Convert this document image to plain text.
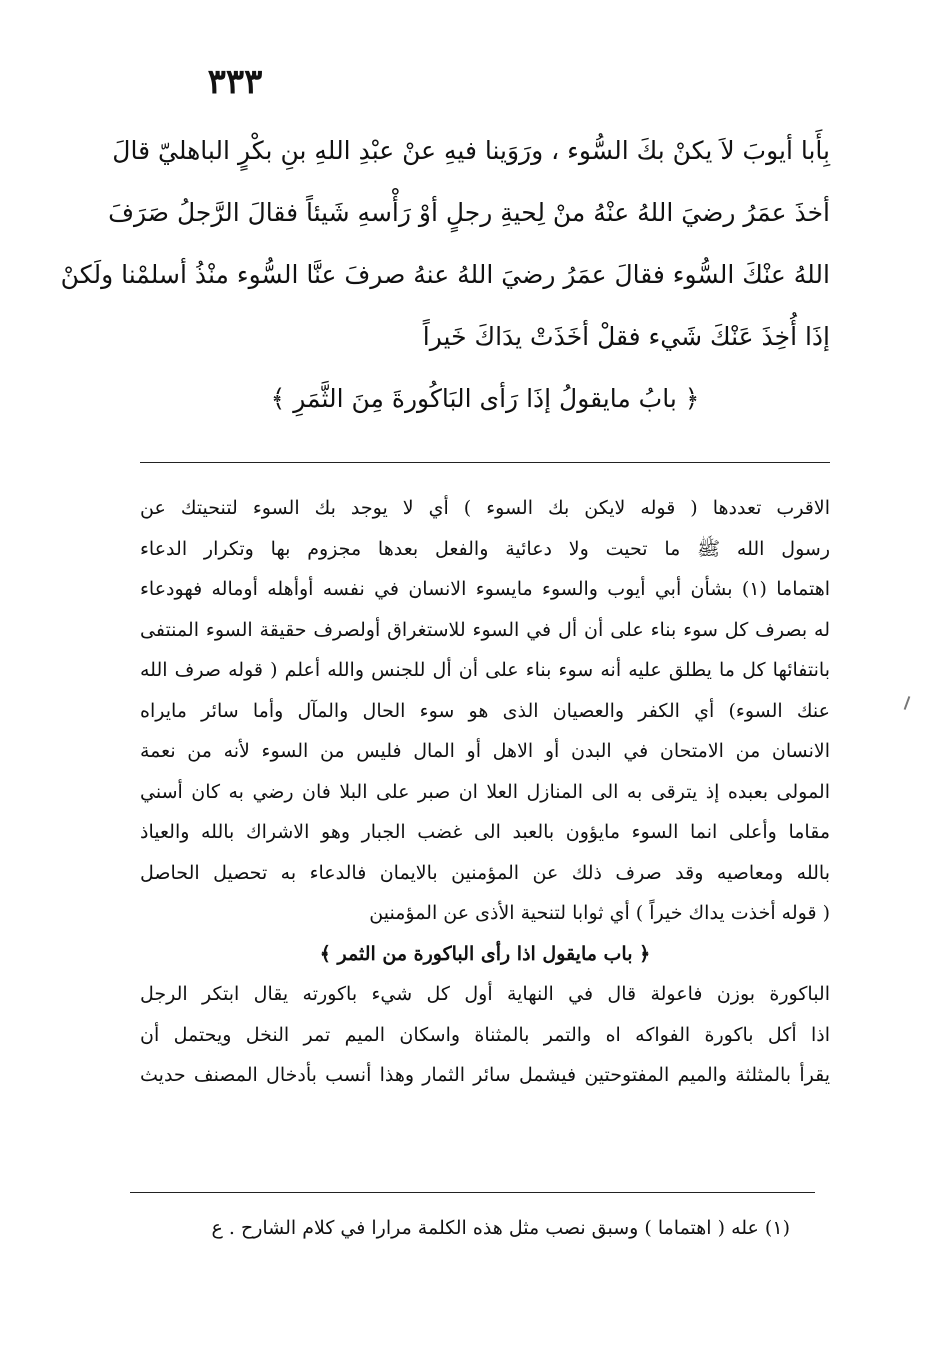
٣٣٣
بِأَبا أيوبَ لاَ يكنْ بكَ السُّوء ، ورَوَينا فيهِ عنْ عبْدِ اللهِ بنِ بكْرٍ الباهليّ قالَ
أخذَ عمَرُ رضيَ اللهُ عنْهُ منْ لِحيةِ رجلٍ أوْ رَأْسهِ شَيئاً فقالَ الرَّجلُ صَرَفَ
اللهُ عنْكَ السُّوء فقالَ عمَرُ رضيَ اللهُ عنهُ صرفَ عنَّا السُّوء منْذُ أسلمْنا ولَكنْ
إذَا أُخِذَ عَنْكَ شَيء فقلْ أخَذَتْ يدَاكَ خَيراً
﴿ بابُ مايقولُ إذَا رَأى البَاكُورةَ مِنَ الثَّمَرِ ﴾
الاقرب تعددها ( قوله لايكن بك السوء ) أي لا يوجد بك السوء لتنحيتك عن
رسول الله ﷺ ما تحيت ولا دعائية والفعل بعدها مجزوم بها وتكرار الدعاء
اهتماما (١) بشأن أبي أيوب والسوء مايسوء الانسان في نفسه أوأهله أوماله فهودعاء
له بصرف كل سوء بناء على أن أل في السوء للاستغراق أولصرف حقيقة السوء المنتفى
بانتفائها كل ما يطلق عليه أنه سوء بناء على أن أل للجنس والله أعلم ( قوله صرف الله
عنك السوء) أي الكفر والعصيان الذى هو سوء الحال والمآل وأما سائر مايراه
الانسان من الامتحان في البدن أو الاهل أو المال فليس من السوء لأنه من نعمة
المولى بعبده إذ يترقى به الى المنازل العلا ان صبر على البلا فان رضي به كان أسني
مقاما وأعلى انما السوء مايؤون بالعبد الى غضب الجبار وهو الاشراك بالله والعياذ
بالله ومعاصيه وقد صرف ذلك عن المؤمنين بالايمان فالدعاء به تحصيل الحاصل
( قوله أخذت يداك خيراً ) أي ثوابا لتنحية الأذى عن المؤمنين
﴿ باب مايقول اذا رأى الباكورة من الثمر ﴾
الباكورة بوزن فاعولة قال في النهاية أول كل شيء باكورته يقال ابتكر الرجل
اذا أكل باكورة الفواكه اه والتمر بالمثناة واسكان الميم تمر النخل ويحتمل أن
يقرأ بالمثلثة والميم المفتوحتين فيشمل سائر الثمار وهذا أنسب بأدخال المصنف حديث
(١) عله ( اهتماما ) وسبق نصب مثل هذه الكلمة مرارا في كلام الشارح . ع
